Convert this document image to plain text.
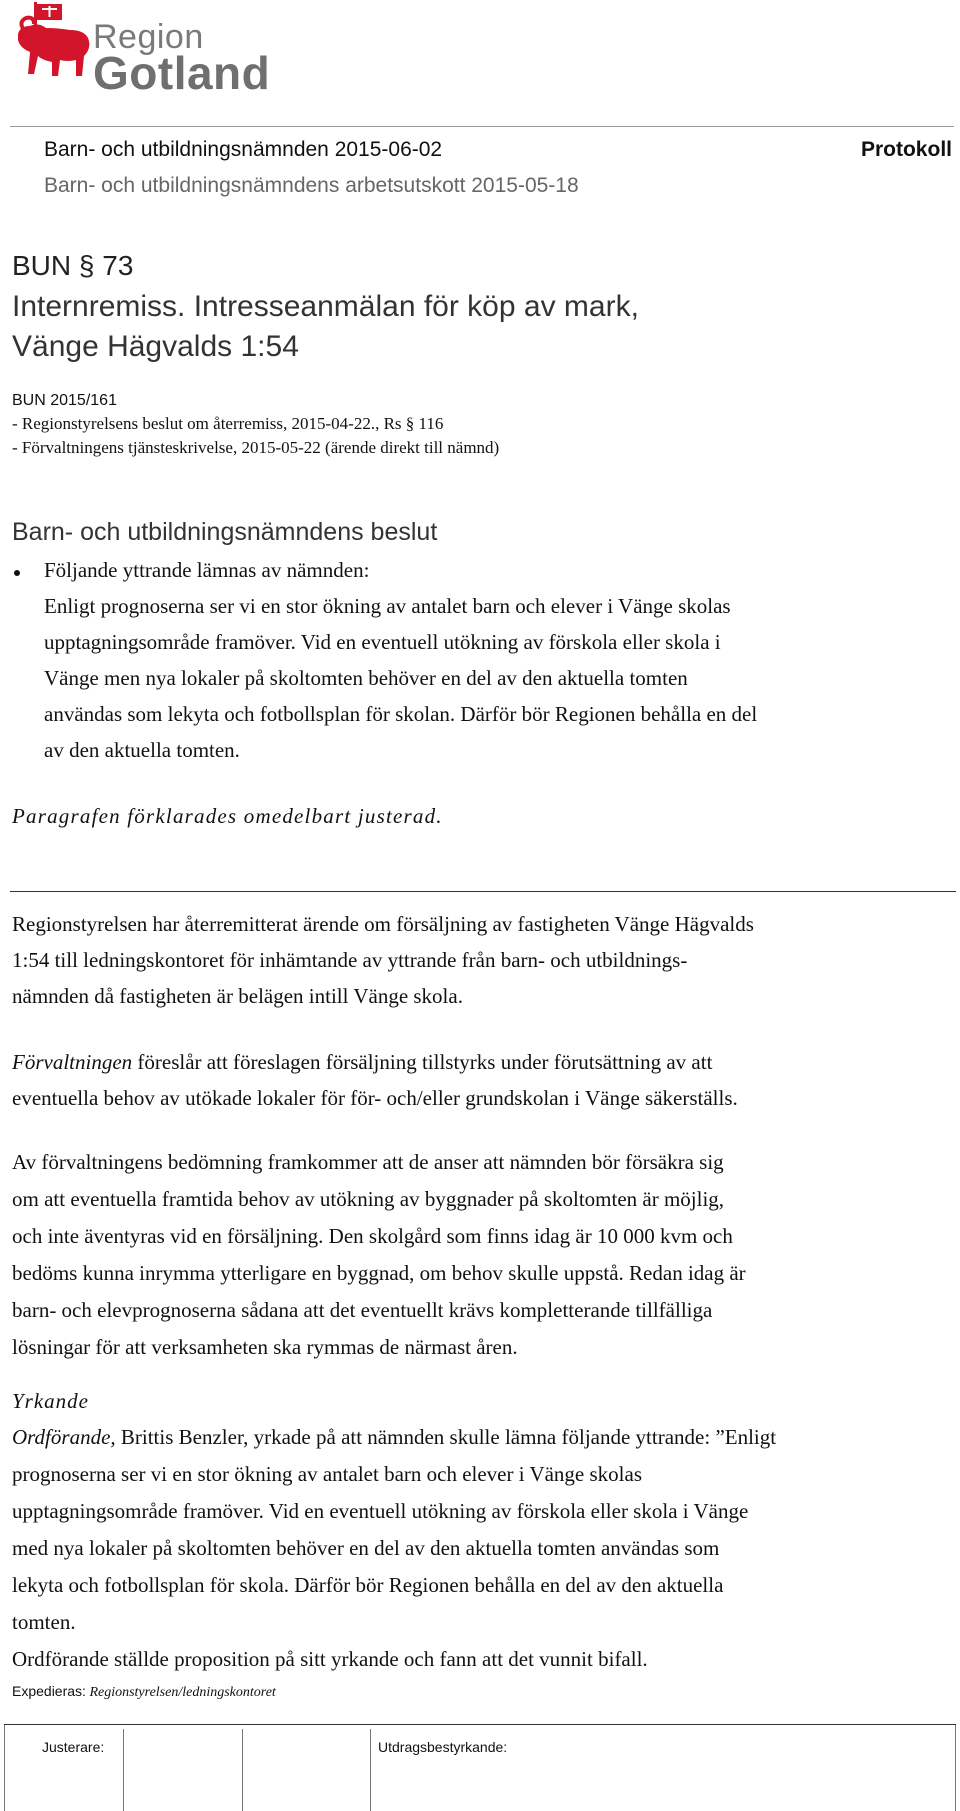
Region
Gotland
Barn- och utbildningsnämnden 2015-06-02	Protokoll
Barn- och utbildningsnämndens arbetsutskott 2015-05-18
BUN § 73
Internremiss. Intresseanmälan för köp av mark,
Vänge Hägvalds 1:54
BUN 2015/161
- Regionstyrelsens beslut om återremiss, 2015-04-22., Rs § 116
- Förvaltningens tjänsteskrivelse, 2015-05-22 (ärende direkt till nämnd)
Barn- och utbildningsnämndens beslut
Följande yttrande lämnas av nämnden:
Enligt prognoserna ser vi en stor ökning av antalet barn och elever i Vänge skolas
upptagningsområde framöver. Vid en eventuell utökning av förskola eller skola i
Vänge men nya lokaler på skoltomten behöver en del av den aktuella tomten
användas som lekyta och fotbollsplan för skolan. Därför bör Regionen behålla en del
av den aktuella tomten.
Paragrafen förklarades omedelbart justerad.
Regionstyrelsen har återremitterat ärende om försäljning av fastigheten Vänge Hägvalds
1:54 till ledningskontoret för inhämtande av yttrande från barn- och utbildnings-
nämnden då fastigheten är belägen intill Vänge skola.
Förvaltningen föreslår att föreslagen försäljning tillstyrks under förutsättning av att
eventuella behov av utökade lokaler för för- och/eller grundskolan i Vänge säkerställs.
Av förvaltningens bedömning framkommer att de anser att nämnden bör försäkra sig
om att eventuella framtida behov av utökning av byggnader på skoltomten är möjlig,
och inte äventyras vid en försäljning. Den skolgård som finns idag är 10 000 kvm och
bedöms kunna inrymma ytterligare en byggnad, om behov skulle uppstå. Redan idag är
barn- och elevprognoserna sådana att det eventuellt krävs kompletterande tillfälliga
lösningar för att verksamheten ska rymmas de närmast åren.
Yrkande
Ordförande, Brittis Benzler, yrkade på att nämnden skulle lämna följande yttrande: ”Enligt
prognoserna ser vi en stor ökning av antalet barn och elever i Vänge skolas
upptagningsområde framöver. Vid en eventuell utökning av förskola eller skola i Vänge
med nya lokaler på skoltomten behöver en del av den aktuella tomten användas som
lekyta och fotbollsplan för skola. Därför bör Regionen behålla en del av den aktuella
tomten.
Ordförande ställde proposition på sitt yrkande och fann att det vunnit bifall.
Expedieras: Regionstyrelsen/ledningskontoret
Justerare:	Utdragsbestyrkande:
